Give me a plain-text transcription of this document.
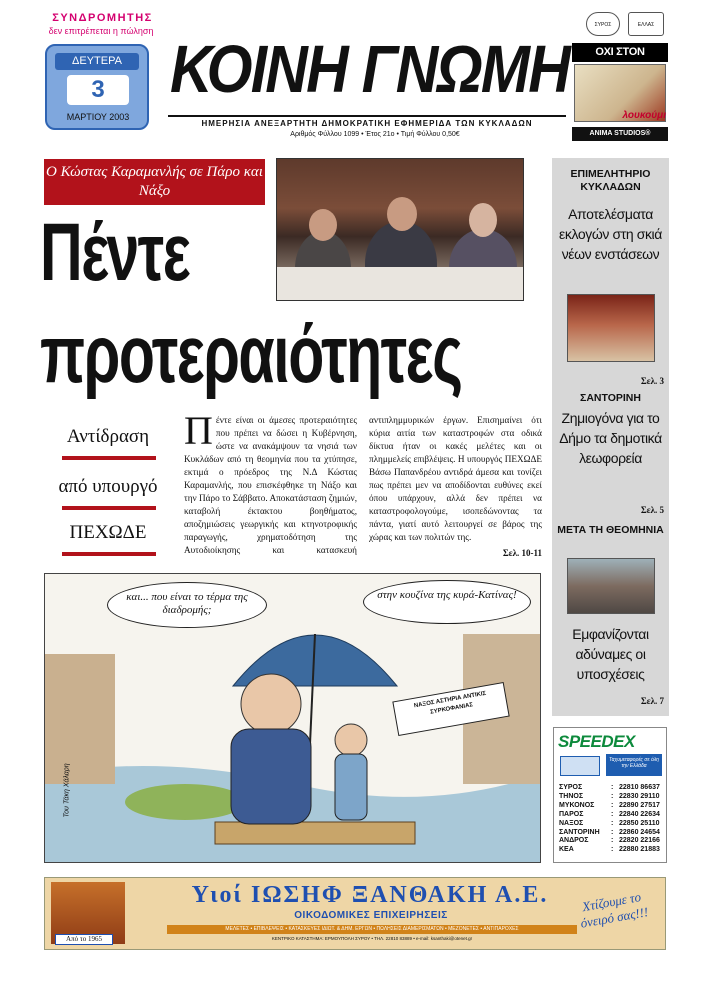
ΣΥΝΔΡΟΜΗΤΗΣ
δεν επιτρέπεται η πώληση
ΔΕΥΤΕΡΑ
3
ΜΑΡΤΙΟΥ 2003
ΚΟΙΝΗ ΓΝΩΜΗ
ΗΜΕΡΗΣΙΑ ΑΝΕΞΑΡΤΗΤΗ ΔΗΜΟΚΡΑΤΙΚΗ ΕΦΗΜΕΡΙΔΑ ΤΩΝ ΚΥΚΛΑΔΩΝ
Αριθμός Φύλλου 1099 • Έτος 21ο • Τιμή Φύλλου 0,50€
ΣΥΡΟΣ	ΕΛΛΑΣ
ΟΧΙ ΣΤΟΝ
λουκούμι
ANIMA STUDIOS®
Ο Κώστας Καραμανλής σε Πάρο και Νάξο
Πέντε
προτεραιότητες
Αντίδραση
από υπουργό
ΠΕΧΩΔΕ
Πέντε είναι οι άμεσες προτεραιότητες που πρέπει να δώσει η Κυβέρνηση, ώστε να ανακάμψουν τα νησιά των Κυκλάδων από τη θεομηνία που τα χτύπησε, εκτιμά ο πρόεδρος της Ν.Δ Κώστας Καραμανλής, που επισκέφθηκε τη Νάξο και την Πάρο το Σάββατο. Αποκατάσταση ζημιών, καταβολή έκτακτου βοηθήματος, αποζημιώσεις γεωργικής και κτηνοτροφικής παραγωγής, χρηματοδότηση της Αυτοδιοίκησης και κατασκευή αντιπλημμυρικών έργων. Επισημαίνει ότι κύρια αιτία των καταστροφών στα οδικά δίκτυα ήταν οι κακές μελέτες και οι πλημμελείς επιβλέψεις. Η υπουργός ΠΕΧΩΔΕ Βάσω Παπανδρέου αντιδρά άμεσα και τονίζει πως πρέπει μεν να αποδίδονται ευθύνες εκεί όπου υπάρχουν, αλλά δεν πρέπει να καταστροφολογούμε, ισοπεδώνοντας τα πάντα, γιατί αυτό λειτουργεί σε βάρος της χώρας και των πολιτών της.
Σελ. 10-11
ΕΠΙΜΕΛΗΤΗΡΙΟ ΚΥΚΛΑΔΩΝ
Αποτελέσματα εκλογών στη σκιά νέων ενστάσεων
Σελ. 3
ΣΑΝΤΟΡΙΝΗ
Ζημιογόνα για το Δήμο τα δημοτικά λεωφορεία
Σελ. 5
ΜΕΤΑ ΤΗ ΘΕΟΜΗΝΙΑ
Εμφανίζονται αδύναμες οι υποσχέσεις
Σελ. 7
SPEEDEX
Ταχυμεταφορές σε όλη την Ελλάδα
ΣΥΡΟΣ	:	22810 86637
ΤΗΝΟΣ	:	22830 29110
ΜΥΚΟΝΟΣ	:	22890 27517
ΠΑΡΟΣ	:	22840 22634
ΝΑΞΟΣ	:	22850 25110
ΣΑΝΤΟΡΙΝΗ	:	22860 24654
ΑΝΔΡΟΣ	:	22820 22166
ΚΕΑ	:	22880 21883
και... που είναι το τέρμα της διαδρομής;
στην κουζίνα της κυρά-Κατίνας!
ΝΑΞΟΣ ΑΣΤΗΡΙΑ ΑΝΤΙΚΙΣ ΣΥΡΚΟΦΑΝΙΑΣ
Του Τάκη Χάλαρη
Από το 1965
Υιοί ΙΩΣΗΦ ΞΑΝΘΑΚΗ Α.Ε.
ΟΙΚΟΔΟΜΙΚΕΣ ΕΠΙΧΕΙΡΗΣΕΙΣ
ΜΕΛΕΤΕΣ • ΕΠΙΒΛΕΨΕΙΣ • ΚΑΤΑΣΚΕΥΕΣ ΙΔΙΩΤ. & ΔΗΜ. ΕΡΓΩΝ • ΠΩΛΗΣΕΙΣ ΔΙΑΜΕΡΙΣΜΑΤΩΝ • ΜΕΖΟΝΕΤΕΣ • ΑΝΤΙΠΑΡΟΧΕΣ
ΚΕΝΤΡΙΚΟ ΚΑΤΑΣΤΗΜΑ: ΕΡΜΟΥΠΟΛΗ ΣΥΡΟΥ • ΤΗΛ. 22810 83889 • e-mail: ksanthaki@otenet.gr
Χτίζουμε το όνειρό σας!!!
